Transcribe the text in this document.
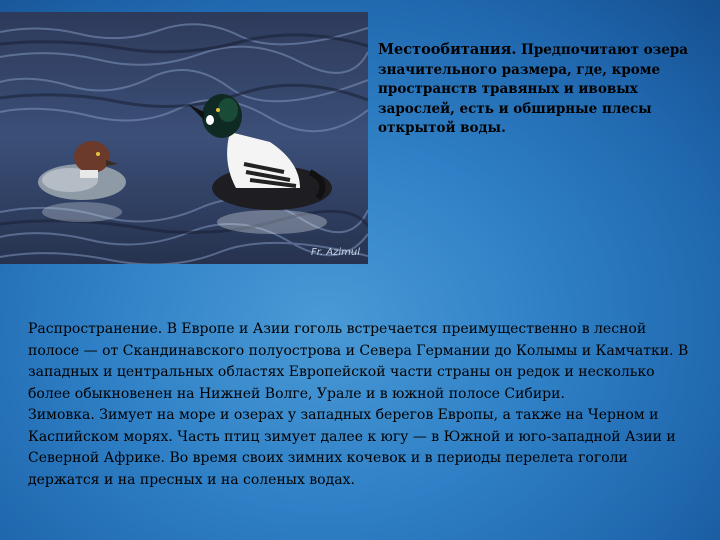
Fr. Azimul
Местообитания. Предпочитают озера значительного размера, где, кроме пространств травяных и ивовых зарослей, есть и обширные плесы открытой воды.

Распространение. В Европе и Азии гоголь встречается преимущественно в лесной полосе — от Скандинавского полуострова и Севера Германии до Колымы и Камчатки. В западных и центральных областях Европейской части страны он редок и несколько более обыкновенен на Нижней Волге, Урале и в южной полосе Сибири.

Зимовка. Зимует на море и озерах у западных берегов Европы, а также на Черном и Каспийском морях. Часть птиц зимует далее к югу — в Южной и юго-западной Азии и Северной Африке. Во время своих зимних кочевок и в периоды перелета гоголи держатся и на пресных и на соленых водах.
